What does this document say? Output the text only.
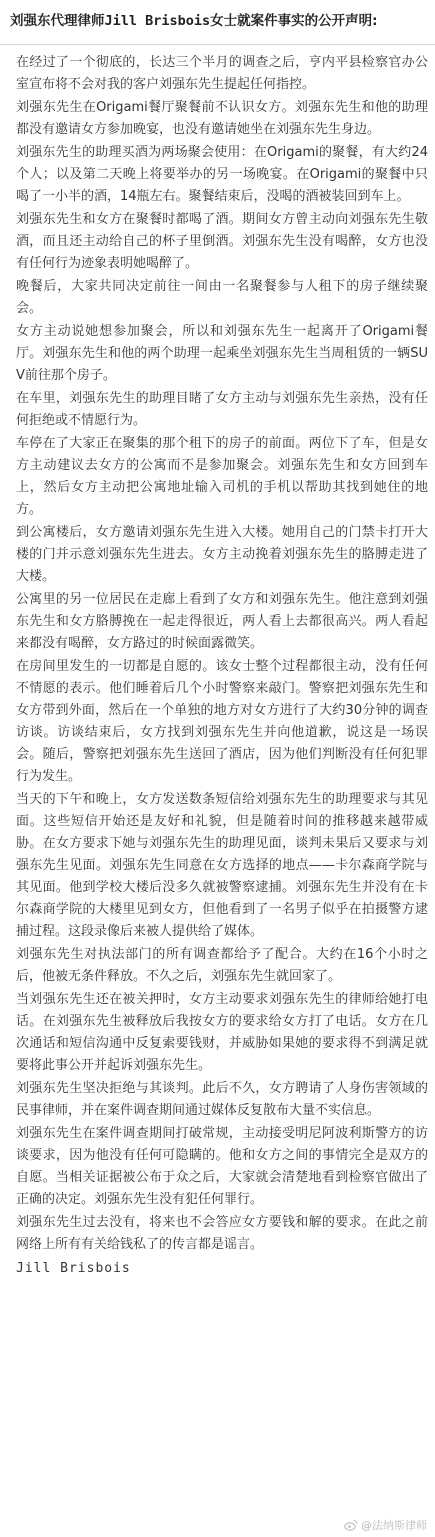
刘强东代理律师Jill Brisbois女士就案件事实的公开声明:

在经过了一个彻底的，长达三个半月的调查之后，亨内平县检察官办公室宣布将不会对我的客户刘强东先生提起任何指控。

刘强东先生在Origami餐厅聚餐前不认识女方。刘强东先生和他的助理都没有邀请女方参加晚宴，也没有邀请她坐在刘强东先生身边。

刘强东先生的助理买酒为两场聚会使用：在Origami的聚餐，有大约24个人；以及第二天晚上将要举办的另一场晚宴。在Origami的聚餐中只喝了一小半的酒，14瓶左右。聚餐结束后，没喝的酒被装回到车上。

刘强东先生和女方在聚餐时都喝了酒。期间女方曾主动向刘强东先生敬酒，而且还主动给自己的杯子里倒酒。刘强东先生没有喝醉，女方也没有任何行为迹象表明她喝醉了。

晚餐后，大家共同决定前往一间由一名聚餐参与人租下的房子继续聚会。

女方主动说她想参加聚会，所以和刘强东先生一起离开了Origami餐厅。刘强东先生和他的两个助理一起乘坐刘强东先生当周租赁的一辆SUV前往那个房子。

在车里，刘强东先生的助理目睹了女方主动与刘强东先生亲热，没有任何拒绝或不情愿行为。

车停在了大家正在聚集的那个租下的房子的前面。两位下了车，但是女方主动建议去女方的公寓而不是参加聚会。刘强东先生和女方回到车上，然后女方主动把公寓地址输入司机的手机以帮助其找到她住的地方。

到公寓楼后，女方邀请刘强东先生进入大楼。她用自己的门禁卡打开大楼的门并示意刘强东先生进去。女方主动挽着刘强东先生的胳膊走进了大楼。

公寓里的另一位居民在走廊上看到了女方和刘强东先生。他注意到刘强东先生和女方胳膊挽在一起走得很近，两人看上去都很高兴。两人看起来都没有喝醉，女方路过的时候面露微笑。

在房间里发生的一切都是自愿的。该女士整个过程都很主动，没有任何不情愿的表示。他们睡着后几个小时警察来敲门。警察把刘强东先生和女方带到外面，然后在一个单独的地方对女方进行了大约30分钟的调查访谈。访谈结束后，女方找到刘强东先生并向他道歉，说这是一场误会。随后，警察把刘强东先生送回了酒店，因为他们判断没有任何犯罪行为发生。

当天的下午和晚上，女方发送数条短信给刘强东先生的助理要求与其见面。这些短信开始还是友好和礼貌，但是随着时间的推移越来越带威胁。在女方要求下她与刘强东先生的助理见面，谈判未果后又要求与刘强东先生见面。刘强东先生同意在女方选择的地点——卡尔森商学院与其见面。他到学校大楼后没多久就被警察逮捕。刘强东先生并没有在卡尔森商学院的大楼里见到女方，但他看到了一名男子似乎在拍摄警方逮捕过程。这段录像后来被人提供给了媒体。

刘强东先生对执法部门的所有调查都给予了配合。大约在16个小时之后，他被无条件释放。不久之后，刘强东先生就回家了。

当刘强东先生还在被关押时，女方主动要求刘强东先生的律师给她打电话。在刘强东先生被释放后我按女方的要求给女方打了电话。女方在几次通话和短信沟通中反复索要钱财，并威胁如果她的要求得不到满足就要将此事公开并起诉刘强东先生。

刘强东先生坚决拒绝与其谈判。此后不久，女方聘请了人身伤害领域的民事律师，并在案件调查期间通过媒体反复散布大量不实信息。

刘强东先生在案件调查期间打破常规，主动接受明尼阿波利斯警方的访谈要求，因为他没有任何可隐瞒的。他和女方之间的事情完全是双方的自愿。当相关证据被公布于众之后，大家就会清楚地看到检察官做出了正确的决定。刘强东先生没有犯任何罪行。

刘强东先生过去没有，将来也不会答应女方要钱和解的要求。在此之前网络上所有有关给钱私了的传言都是谣言。

Jill Brisbois
@法纳斯律师
